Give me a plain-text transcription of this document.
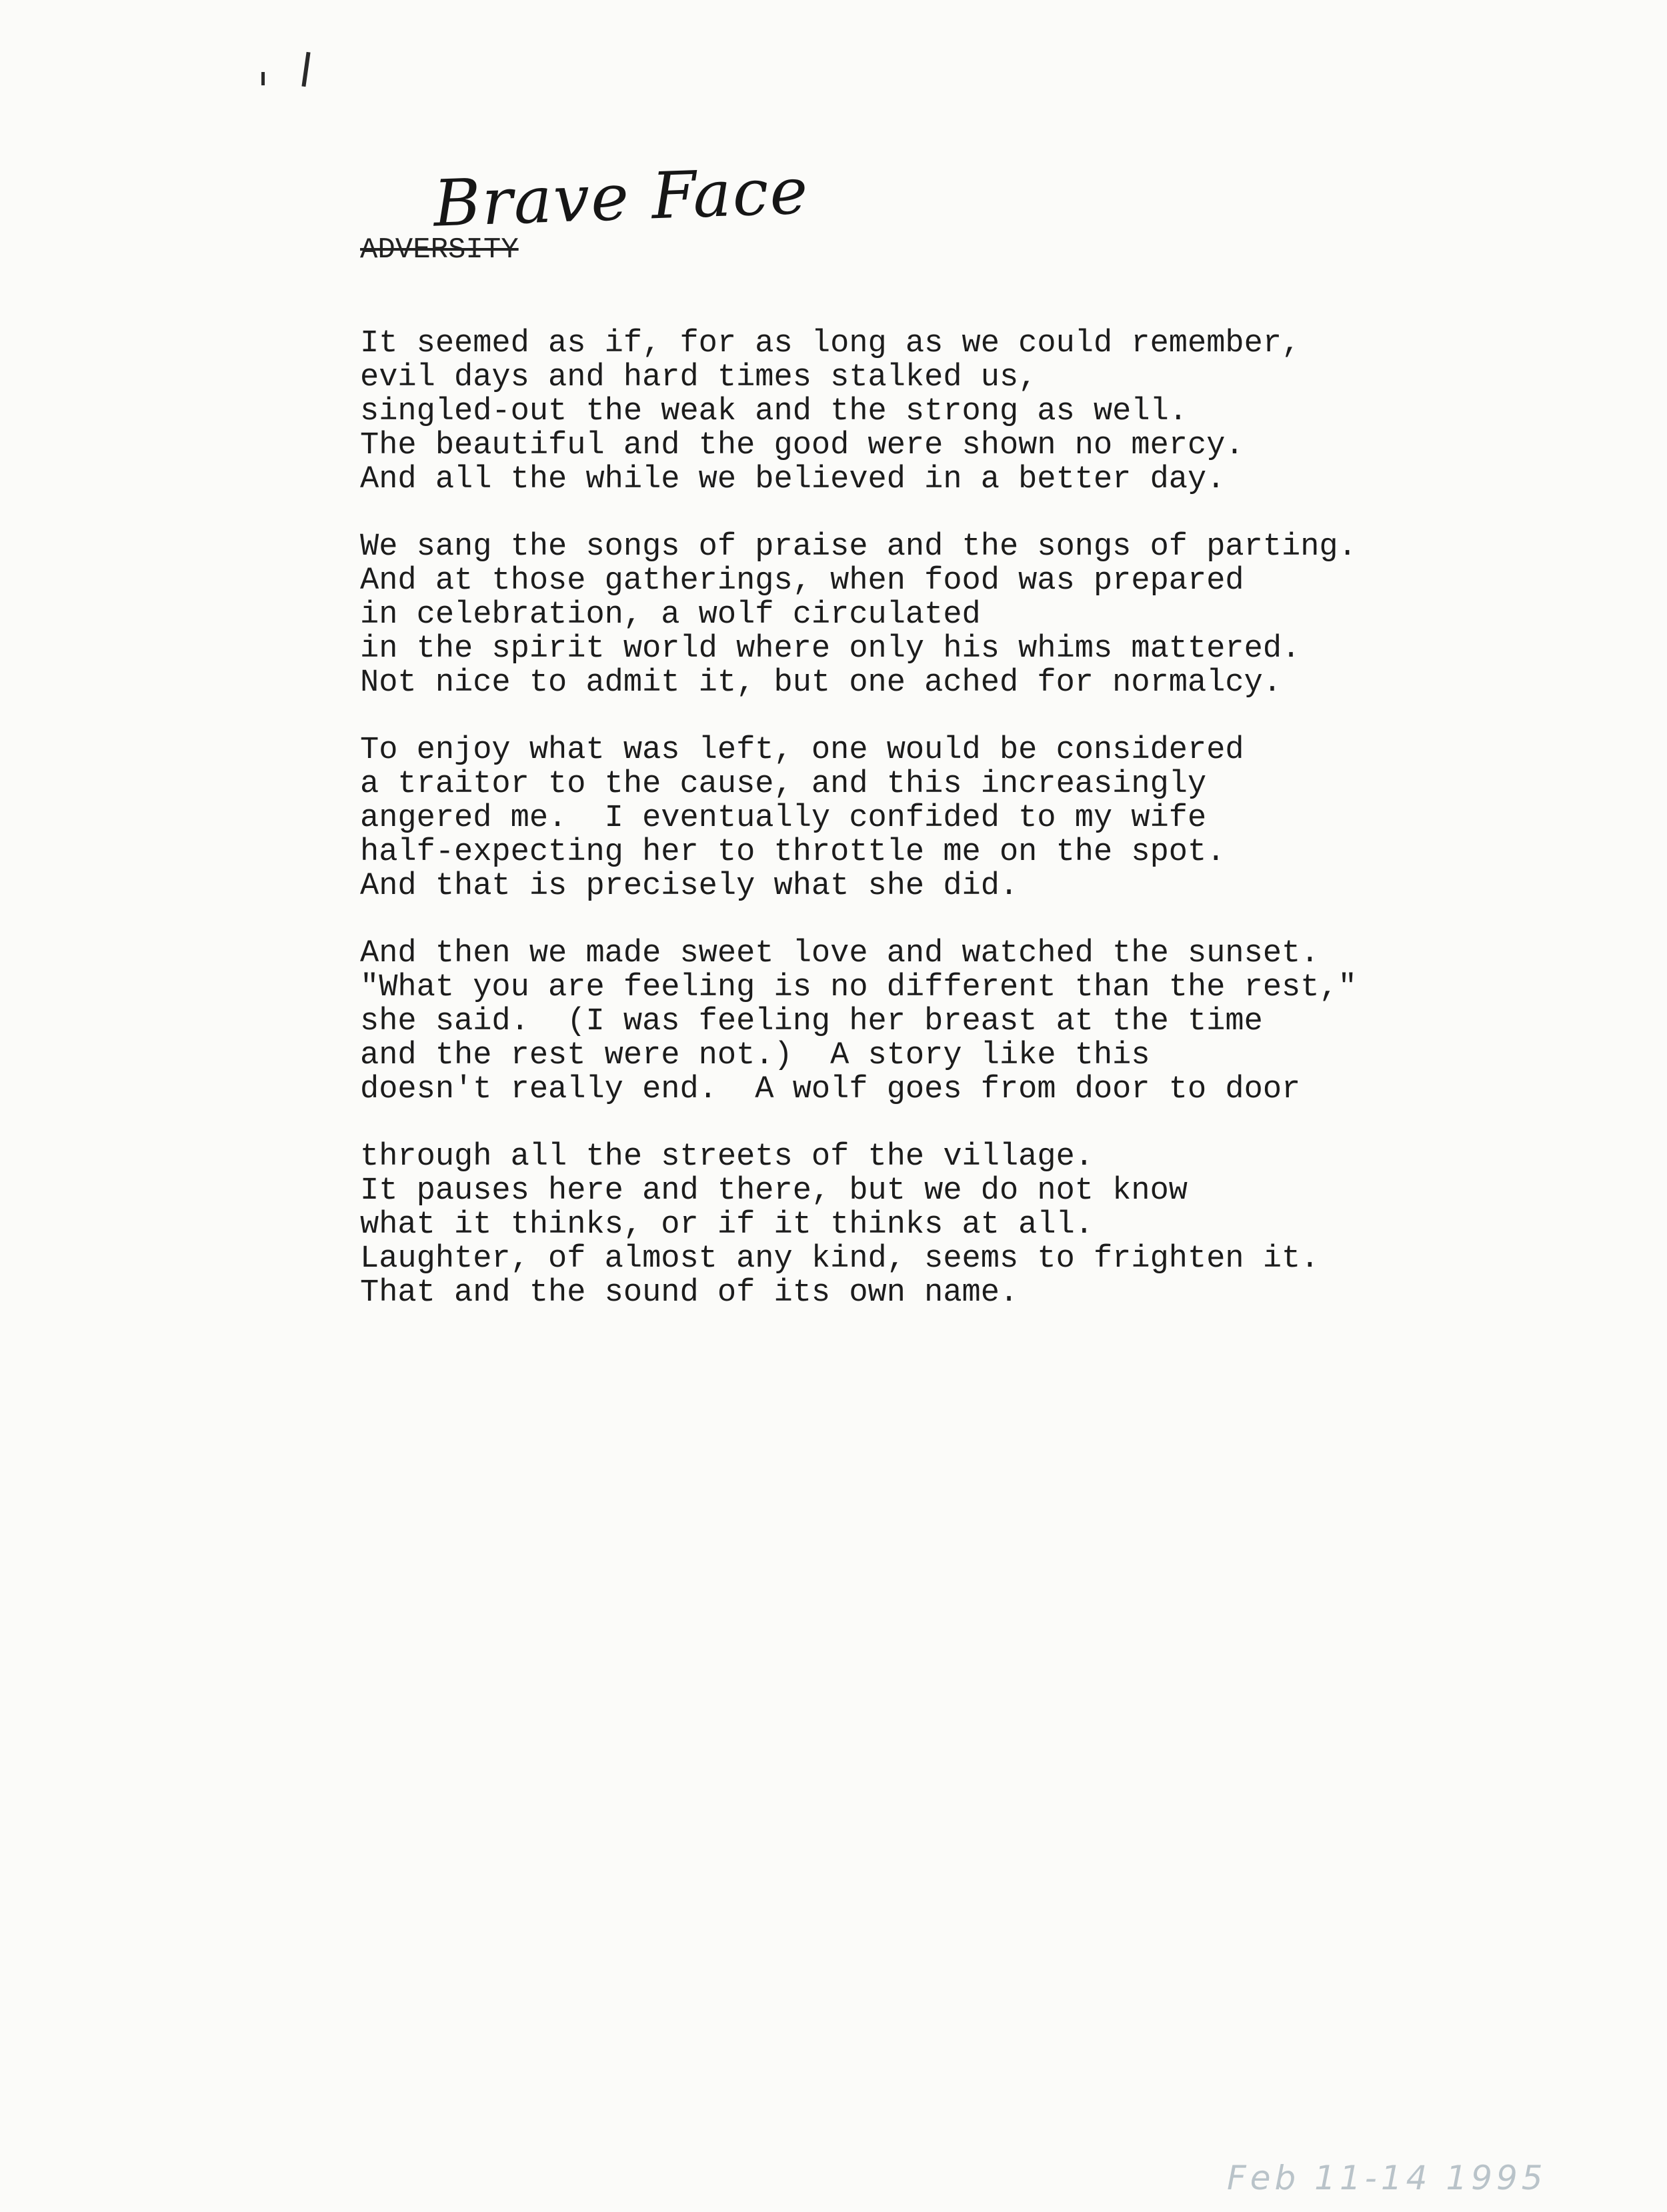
Brave Face
ADVERSITY
It seemed as if, for as long as we could remember,
evil days and hard times stalked us,
singled-out the weak and the strong as well.
The beautiful and the good were shown no mercy.
And all the while we believed in a better day.
We sang the songs of praise and the songs of parting.
And at those gatherings, when food was prepared
in celebration, a wolf circulated
in the spirit world where only his whims mattered.
Not nice to admit it, but one ached for normalcy.
To enjoy what was left, one would be considered
a traitor to the cause, and this increasingly
angered me.  I eventually confided to my wife
half-expecting her to throttle me on the spot.
And that is precisely what she did.
And then we made sweet love and watched the sunset.
"What you are feeling is no different than the rest,"
she said.  (I was feeling her breast at the time
and the rest were not.)  A story like this
doesn't really end.  A wolf goes from door to door
through all the streets of the village.
It pauses here and there, but we do not know
what it thinks, or if it thinks at all.
Laughter, of almost any kind, seems to frighten it.
That and the sound of its own name.
Feb 11-14 1995
